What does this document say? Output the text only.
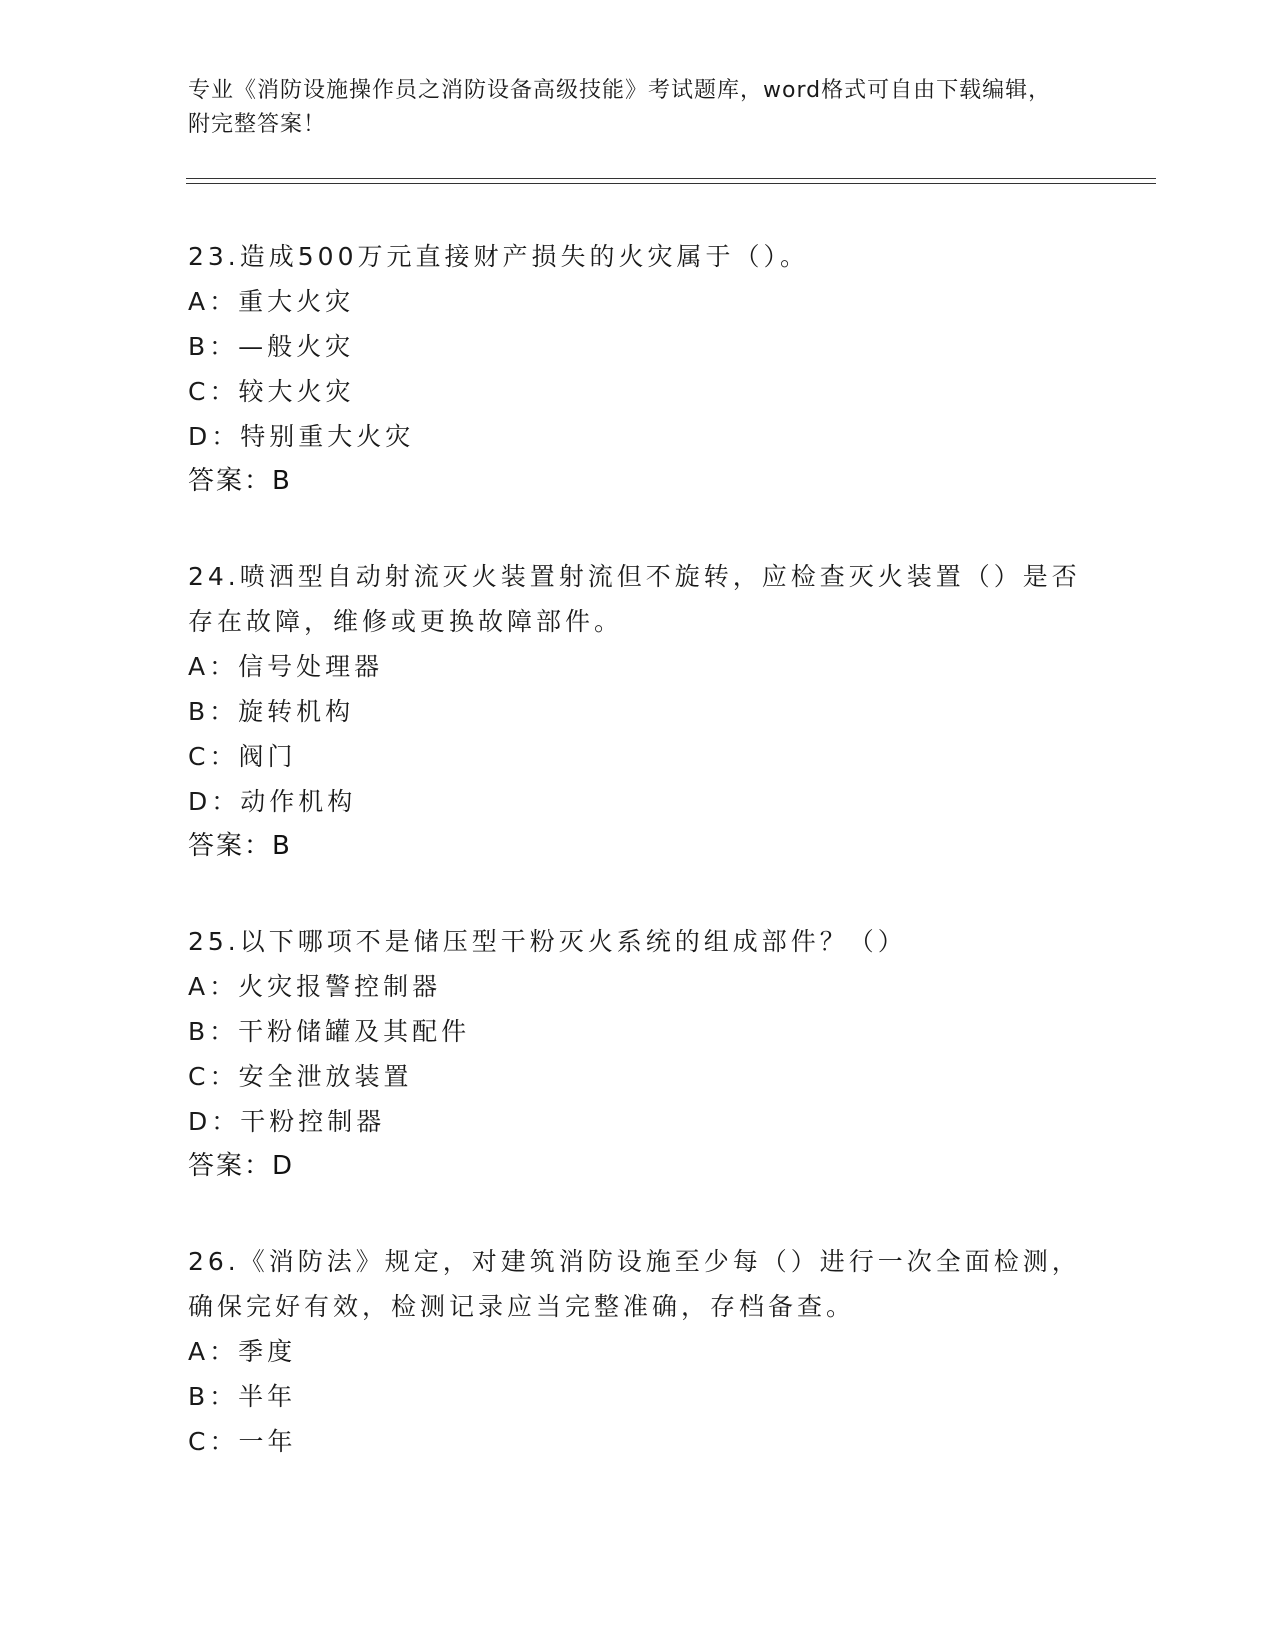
专业《消防设施操作员之消防设备高级技能》考试题库，word格式可自由下载编辑，附完整答案！
23.造成500万元直接财产损失的火灾属于（）。
A：重大火灾
B：—般火灾
C：较大火灾
D：特别重大火灾
答案：B
24.喷洒型自动射流灭火装置射流但不旋转，应检查灭火装置（）是否存在故障，维修或更换故障部件。
A：信号处理器
B：旋转机构
C：阀门
D：动作机构
答案：B
25.以下哪项不是储压型干粉灭火系统的组成部件？（）
A：火灾报警控制器
B：干粉储罐及其配件
C：安全泄放装置
D：干粉控制器
答案：D
26.《消防法》规定，对建筑消防设施至少每（）进行一次全面检测，确保完好有效，检测记录应当完整准确，存档备查。
A：季度
B：半年
C：一年
